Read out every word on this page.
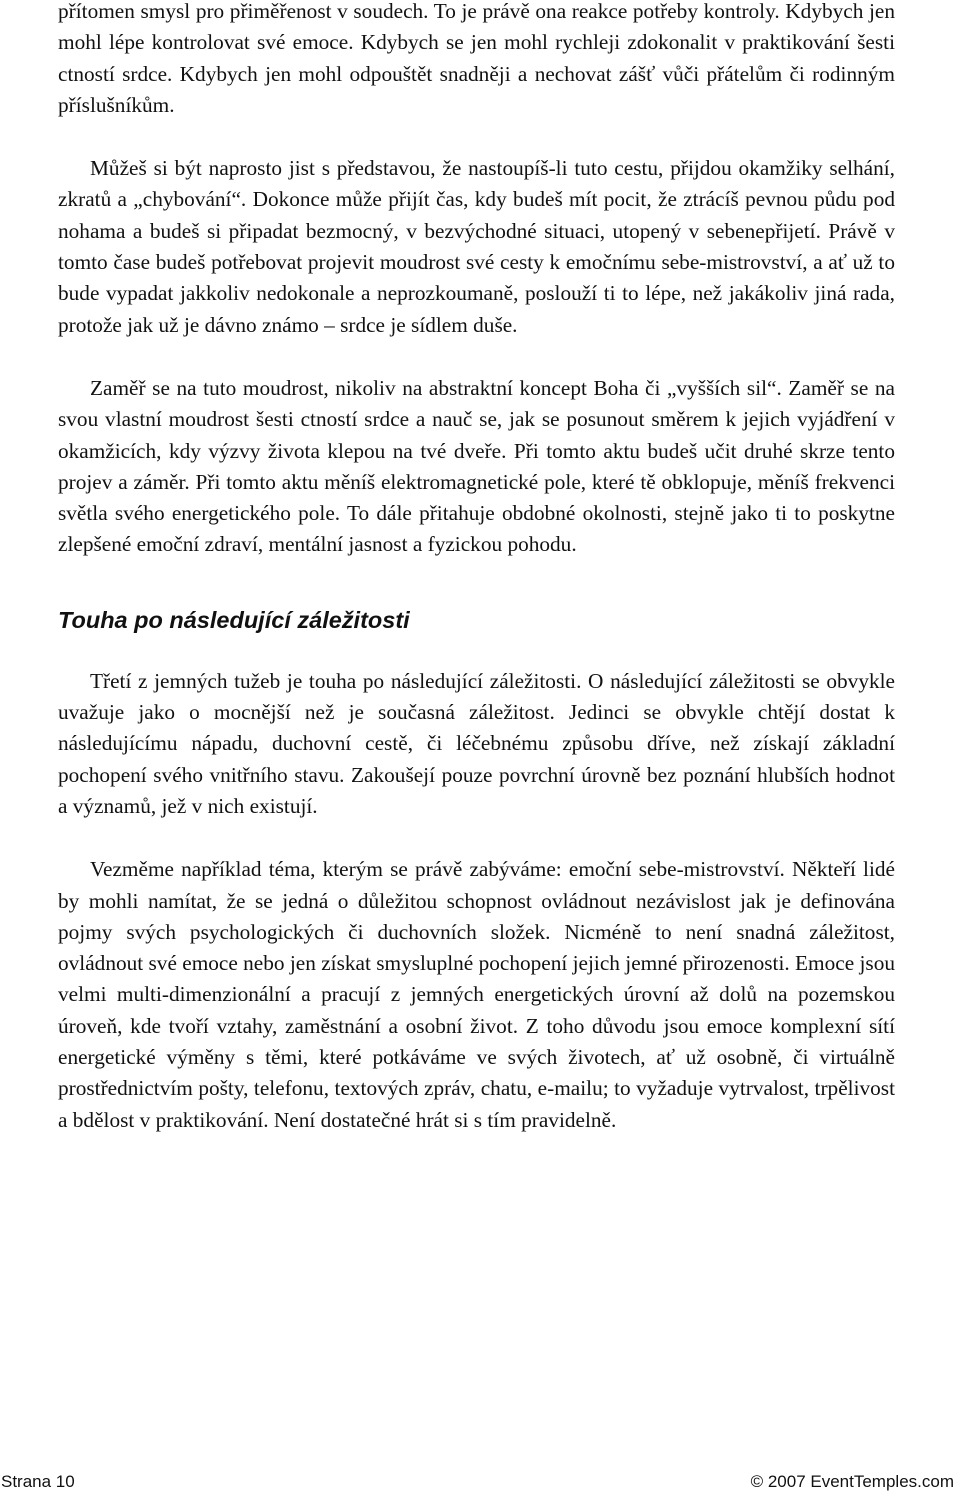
přítomen smysl pro přiměřenost v soudech. To je právě ona reakce potřeby kontroly. Kdybych jen mohl lépe kontrolovat své emoce. Kdybych se jen mohl rychleji zdokonalit v praktikování šesti ctností srdce. Kdybych jen mohl odpouštět snadněji a nechovat zášť vůči přátelům či rodinným příslušníkům.

Můžeš si být naprosto jist s představou, že nastoupíš-li tuto cestu, přijdou okamžiky selhání, zkratů a „chybování“. Dokonce může přijít čas, kdy budeš mít pocit, že ztrácíš pevnou půdu pod nohama a budeš si připadat bezmocný, v bezvýchodné situaci, utopený v sebenepřijetí. Právě v tomto čase budeš potřebovat projevit moudrost své cesty k emočnímu sebe-mistrovství, a ať už to bude vypadat jakkoliv nedokonale a neprozkoumaně, poslouží ti to lépe, než jakákoliv jiná rada, protože jak už je dávno známo – srdce je sídlem duše.

Zaměř se na tuto moudrost, nikoliv na abstraktní koncept Boha či „vyšších sil“. Zaměř se na svou vlastní moudrost šesti ctností srdce a nauč se, jak se posunout směrem k jejich vyjádření v okamžicích, kdy výzvy života klepou na tvé dveře. Při tomto aktu budeš učit druhé skrze tento projev a záměr. Při tomto aktu měníš elektromagnetické pole, které tě obklopuje, měníš frekvenci světla svého energetického pole. To dále přitahuje obdobné okolnosti, stejně jako ti to poskytne zlepšené emoční zdraví, mentální jasnost a fyzickou pohodu.

Touha po následující záležitosti

Třetí z jemných tužeb je touha po následující záležitosti. O následující záležitosti se obvykle uvažuje jako o mocnější než je současná záležitost. Jedinci se obvykle chtějí dostat k následujícímu nápadu, duchovní cestě, či léčebnému způsobu dříve, než získají základní pochopení svého vnitřního stavu. Zakoušejí pouze povrchní úrovně bez poznání hlubších hodnot a významů, jež v nich existují.

Vezměme například téma, kterým se právě zabýváme: emoční sebe-mistrovství. Někteří lidé by mohli namítat, že se jedná o důležitou schopnost ovládnout nezávislost jak je definována pojmy svých psychologických či duchovních složek. Nicméně to není snadná záležitost, ovládnout své emoce nebo jen získat smysluplné pochopení jejich jemné přirozenosti. Emoce jsou velmi multi-dimenzionální a pracují z jemných energetických úrovní až dolů na pozemskou úroveň, kde tvoří vztahy, zaměstnání a osobní život. Z toho důvodu jsou emoce komplexní sítí energetické výměny s těmi, které potkáváme ve svých životech, ať už osobně, či virtuálně prostřednictvím pošty, telefonu, textových zpráv, chatu, e-mailu; to vyžaduje vytrvalost, trpělivost a bdělost v praktikování. Není dostatečné hrát si s tím pravidelně.

Strana 10	© 2007 EventTemples.com
